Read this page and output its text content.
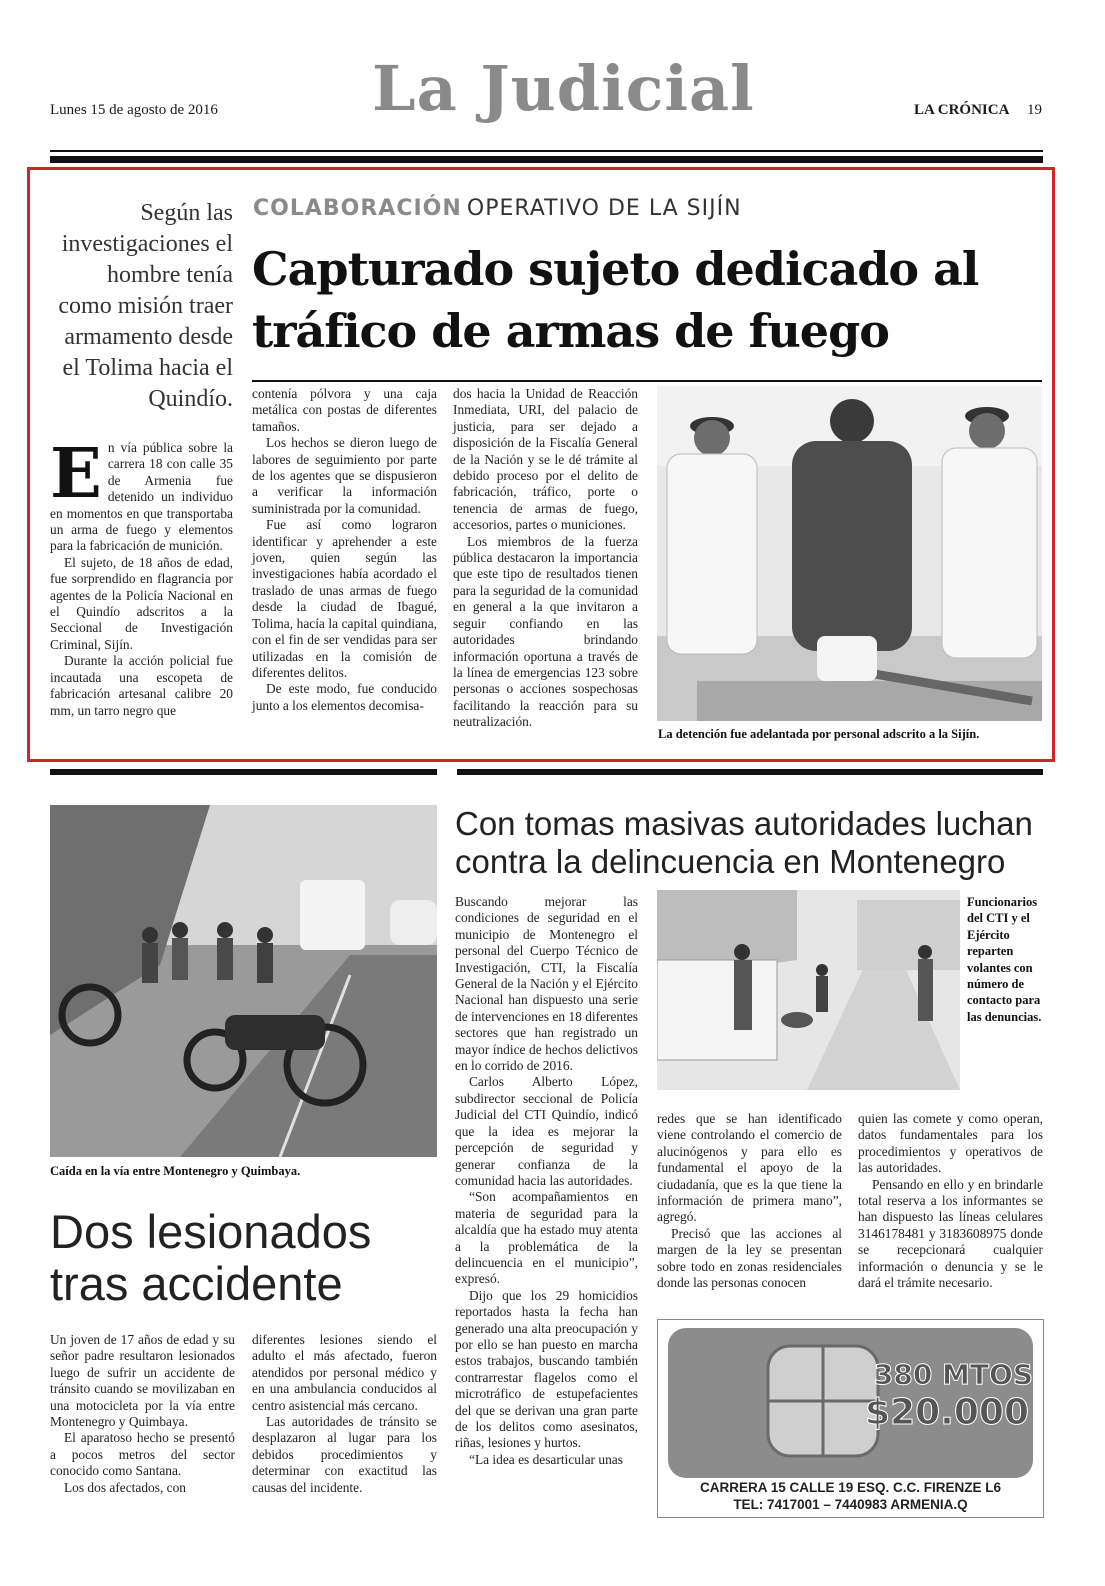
Lunes 15 de agosto de 2016 La Judicial	LA CRÓNICA 19
Según las investigaciones el hombre tenía como misión traer armamento desde el Tolima hacia el Quindío.
COLABORACIÓN OPERATIVO DE LA SIJÍN
Capturado sujeto dedicado al tráfico de armas de fuego
E n vía pública sobre la carrera 18 con calle 35 de Armenia fue detenido un individuo en momentos en que transportaba un arma de fuego y elementos para la fabricación de munición.

El sujeto, de 18 años de edad, fue sorprendido en flagrancia por agentes de la Policía Nacional en el Quindío adscritos a la Seccional de Investigación Criminal, Sijín.

Durante la acción policial fue incautada una escopeta de fabricación artesanal calibre 20 mm, un tarro negro que

contenía pólvora y una caja metálica con postas de diferentes tamaños.

Los hechos se dieron luego de labores de seguimiento por parte de los agentes que se dispusieron a verificar la información suministrada por la comunidad.

Fue así como lograron identificar y aprehender a este joven, quien según las investigaciones había acordado el traslado de unas armas de fuego desde la ciudad de Ibagué, Tolima, hacía la capital quindiana, con el fin de ser vendidas para ser utilizadas en la comisión de diferentes delitos.

De este modo, fue conducido junto a los elementos decomisa-

dos hacia la Unidad de Reacción Inmediata, URI, del palacio de justicia, para ser dejado a disposición de la Fiscalía General de la Nación y se le dé trámite al debido proceso por el delito de fabricación, tráfico, porte o tenencia de armas de fuego, accesorios, partes o municiones.

Los miembros de la fuerza pública destacaron la importancia que este tipo de resultados tienen para la seguridad de la comunidad en general a la que invitaron a seguir confiando en las autoridades brindando información oportuna a través de la línea de emergencias 123 sobre personas o acciones sospechosas facilitando la reacción para su neutralización.

La detención fue adelantada por personal adscrito a la Sijín.
Caída en la vía entre Montenegro y Quimbaya.
Dos lesionados tras accidente

Un joven de 17 años de edad y su señor padre resultaron lesionados luego de sufrir un accidente de tránsito cuando se movilizaban en una motocicleta por la vía entre Montenegro y Quimbaya.

El aparatoso hecho se presentó a pocos metros del sector conocido como Santana.

Los dos afectados, con

diferentes lesiones siendo el adulto el más afectado, fueron atendidos por personal médico y en una ambulancia conducidos al centro asistencial más cercano.

Las autoridades de tránsito se desplazaron al lugar para los debidos procedimientos y determinar con exactitud las causas del incidente.

Con tomas masivas autoridades luchan contra la delincuencia en Montenegro

Buscando mejorar las condiciones de seguridad en el municipio de Montenegro el personal del Cuerpo Técnico de Investigación, CTI, la Fiscalía General de la Nación y el Ejército Nacional han dispuesto una serie de intervenciones en 18 diferentes sectores que han registrado un mayor índice de hechos delictivos en lo corrido de 2016.

Carlos Alberto López, subdirector seccional de Policía Judicial del CTI Quindío, indicó que la idea es mejorar la percepción de seguridad y generar confianza de la comunidad hacia las autoridades.

“Son acompañamientos en materia de seguridad para la alcaldía que ha estado muy atenta a la problemática de la delincuencia en el municipio”, expresó.

Dijo que los 29 homicidios reportados hasta la fecha han generado una alta preocupación y por ello se han puesto en marcha estos trabajos, buscando también contrarrestar flagelos como el microtráfico de estupefacientes del que se derivan una gran parte de los delitos como asesinatos, riñas, lesiones y hurtos.

“La idea es desarticular unas

Funcionarios del CTI y el Ejército reparten volantes con número de contacto para las denuncias.

redes que se han identificado viene controlando el comercio de alucinógenos y para ello es fundamental el apoyo de la ciudadanía, que es la que tiene la información de primera mano”, agregó.

Precisó que las acciones al margen de la ley se presentan sobre todo en zonas residenciales donde las personas conocen

quien las comete y como operan, datos fundamentales para los procedimientos y operativos de las autoridades.

Pensando en ello y en brindarle total reserva a los informantes se han dispuesto las líneas celulares 3146178481 y 3183608975 donde se recepcionará cualquier información o denuncia y se le dará el trámite necesario.

380 MTOS
$20.000
CARRERA 15 CALLE 19 ESQ. C.C. FIRENZE L6
TEL: 7417001 – 7440983 ARMENIA.Q
